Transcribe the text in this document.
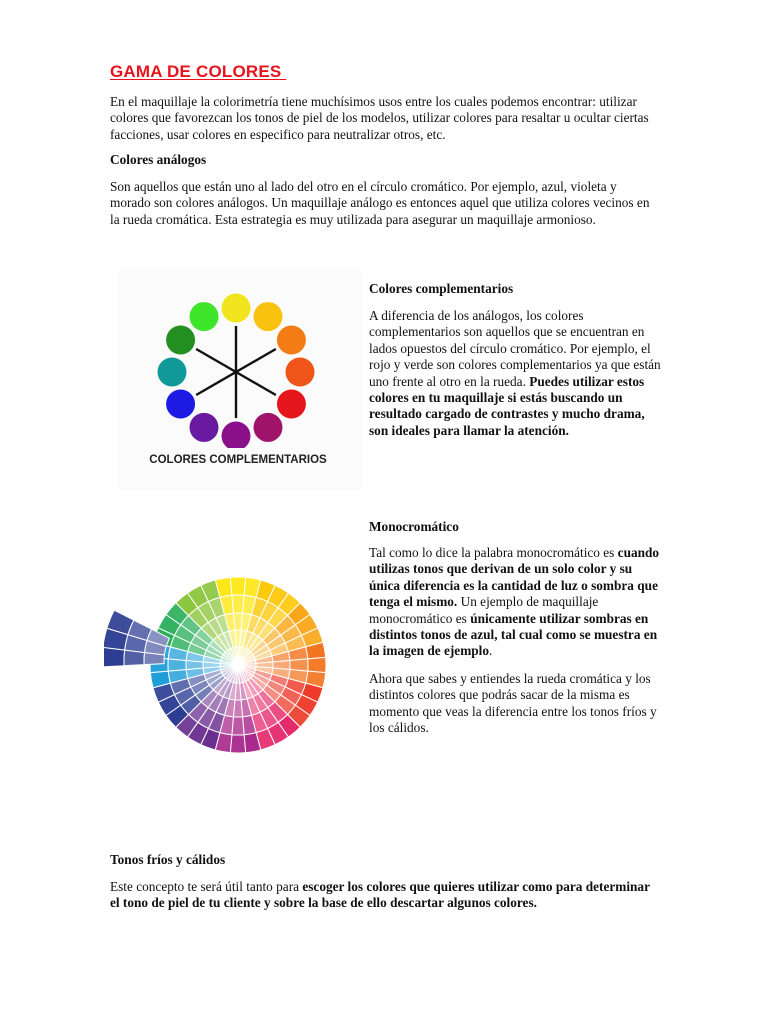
GAMA DE COLORES

En el maquillaje la colorimetría tiene muchísimos usos entre los cuales podemos encontrar: utilizar colores que favorezcan los tonos de piel de los modelos, utilizar colores para resaltar u ocultar ciertas facciones, usar colores en especifico para neutralizar otros, etc.

Colores análogos

Son aquellos que están uno al lado del otro en el círculo cromático. Por ejemplo, azul, violeta y morado son colores análogos. Un maquillaje análogo es entonces aquel que utiliza colores vecinos en la rueda cromática. Esta estrategia es muy utilizada para asegurar un maquillaje armonioso.

COLORES COMPLEMENTARIOS
Colores complementarios

A diferencia de los análogos, los colores complementarios son aquellos que se encuentran en lados opuestos del círculo cromático. Por ejemplo, el rojo y verde son colores complementarios ya que están uno frente al otro en la rueda. Puedes utilizar estos colores en tu maquillaje si estás buscando un resultado cargado de contrastes y mucho drama, son ideales para llamar la atención.

Monocromático

Tal como lo dice la palabra monocromático es cuando utilizas tonos que derivan de un solo color y su única diferencia es la cantidad de luz o sombra que tenga el mismo. Un ejemplo de maquillaje monocromático es únicamente utilizar sombras en distintos tonos de azul, tal cual como se muestra en la imagen de ejemplo.

Ahora que sabes y entiendes la rueda cromática y los distintos colores que podrás sacar de la misma es momento que veas la diferencia entre los tonos fríos y los cálidos.

Tonos fríos y cálidos

Este concepto te será útil tanto para escoger los colores que quieres utilizar como para determinar el tono de piel de tu cliente y sobre la base de ello descartar algunos colores.
